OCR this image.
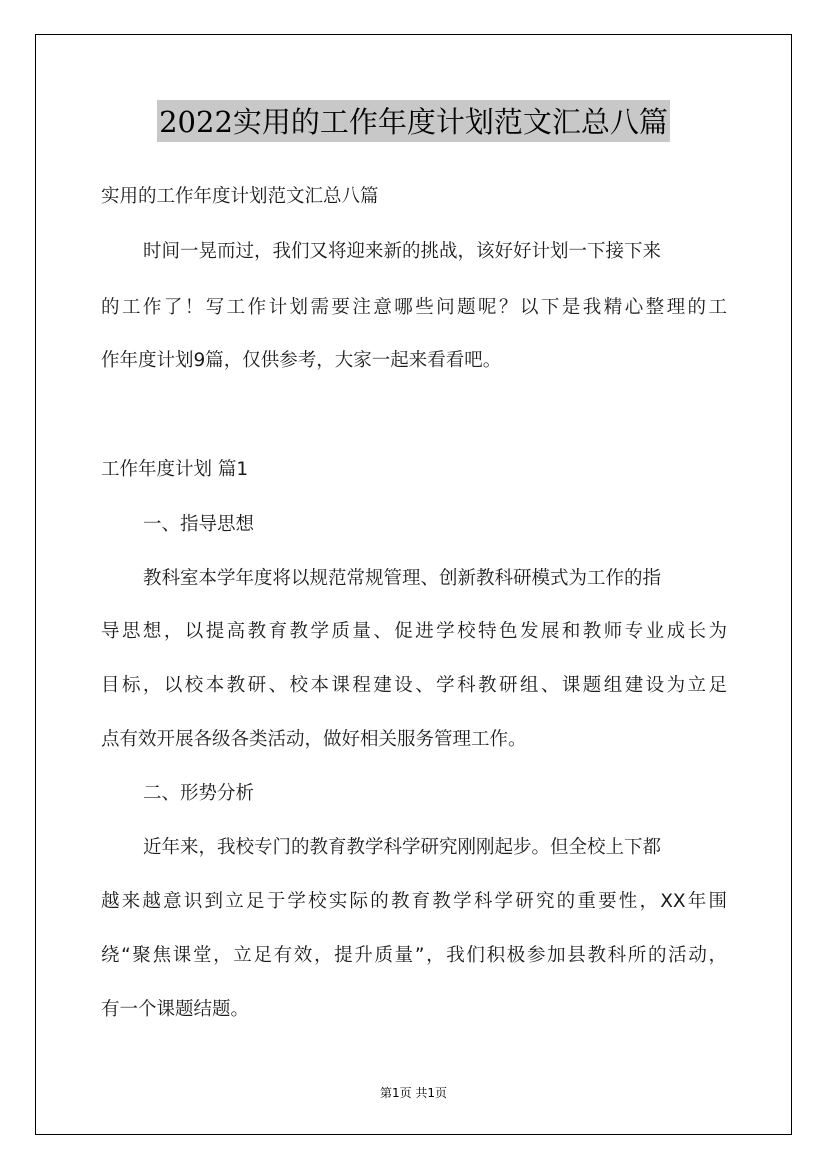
2022实用的工作年度计划范文汇总八篇
实用的工作年度计划范文汇总八篇
时间一晃而过，我们又将迎来新的挑战，该好好计划一下接下来
的工作了！写工作计划需要注意哪些问题呢？以下是我精心整理的工
作年度计划9篇，仅供参考，大家一起来看看吧。
工作年度计划 篇1
一、指导思想
教科室本学年度将以规范常规管理、创新教科研模式为工作的指
导思想，以提高教育教学质量、促进学校特色发展和教师专业成长为
目标，以校本教研、校本课程建设、学科教研组、课题组建设为立足
点有效开展各级各类活动，做好相关服务管理工作。
二、形势分析
近年来，我校专门的教育教学科学研究刚刚起步。但全校上下都
越来越意识到立足于学校实际的教育教学科学研究的重要性，XX年围
绕“聚焦课堂，立足有效，提升质量”，我们积极参加县教科所的活动，
有一个课题结题。
第1页 共1页
